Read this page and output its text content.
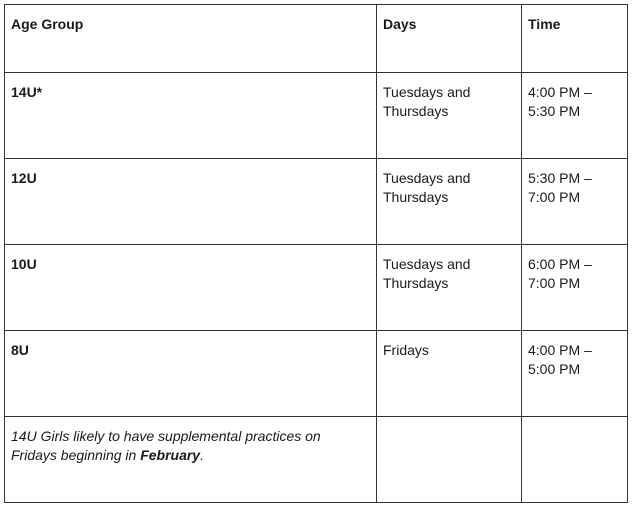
Age Group	Days	Time
14U*	Tuesdays and Thursdays	4:00 PM –
5:30 PM

12U	Tuesdays and Thursdays	5:30 PM –
7:00 PM

10U	Tuesdays and Thursdays	6:00 PM –
7:00 PM

8U	Fridays	4:00 PM –
5:00 PM

14U Girls likely to have supplemental practices on Fridays beginning in February.		
